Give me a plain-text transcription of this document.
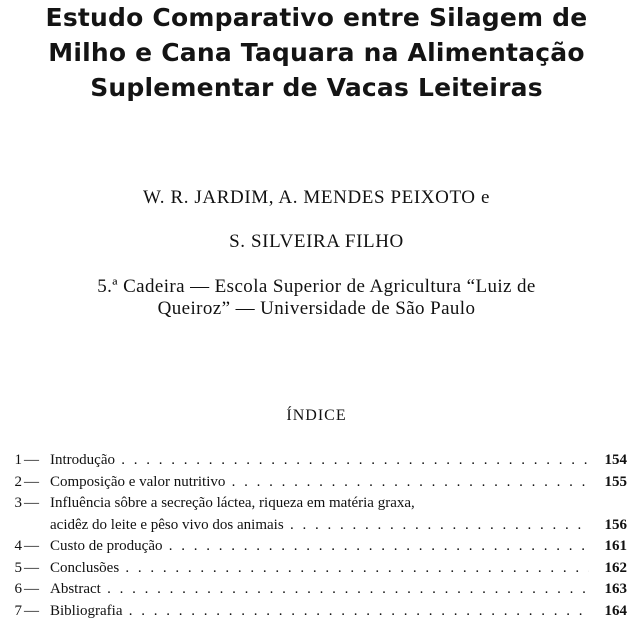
Estudo Comparativo entre Silagem de
Milho e Cana Taquara na Alimentação
Suplementar de Vacas Leiteiras
W. R. JARDIM, A. MENDES PEIXOTO e
S. SILVEIRA FILHO
5.ª Cadeira — Escola Superior de Agricultura “Luiz de
Queiroz” — Universidade de São Paulo
ÍNDICE
1 — Introdução . . .	154
2 — Composição e valor nutritivo . . .	155
3 — Influência sôbre a secreção láctea, riqueza em matéria graxa,
acidêz do leite e pêso vivo dos animais . . .	156
4 — Custo de produção . . .	161
5 — Conclusões . . .	162
6 — Abstract . . .	163
7 — Bibliografia . . .	164
